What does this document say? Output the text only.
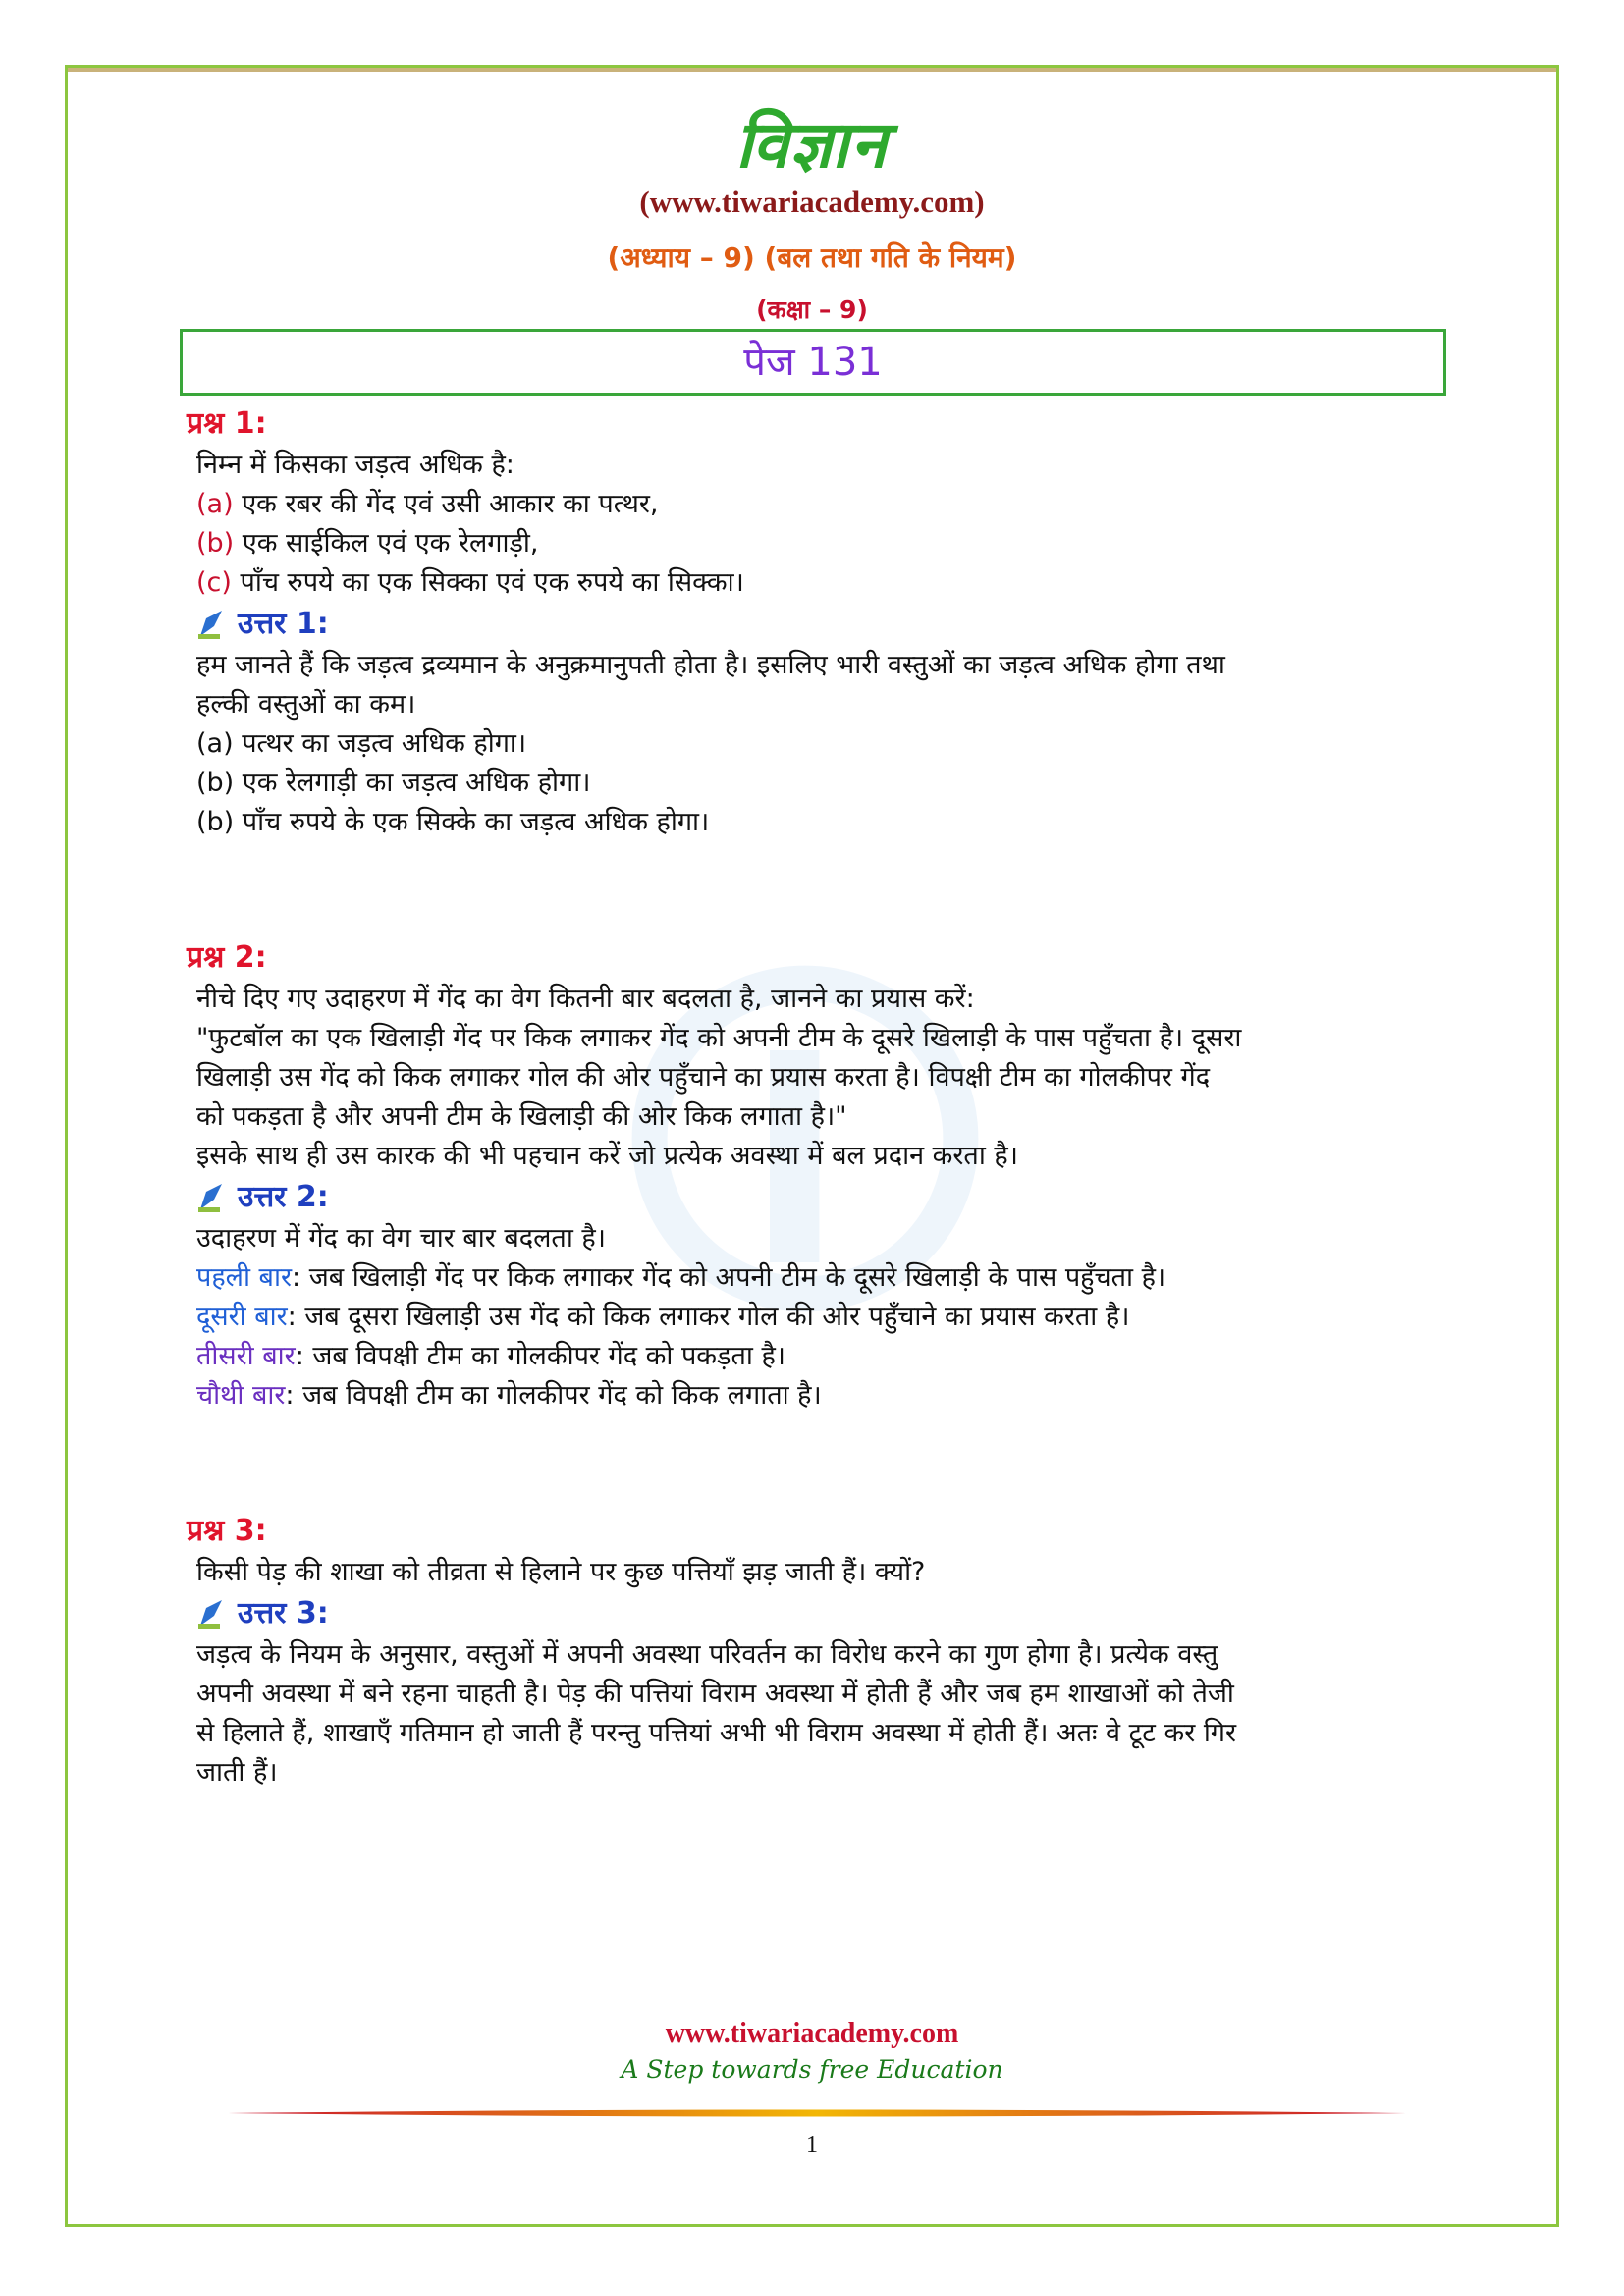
विज्ञान
(www.tiwariacademy.com)
(अध्याय – 9) (बल तथा गति के नियम)
(कक्षा – 9)
पेज 131
प्रश्न 1:
निम्न में किसका जड़त्व अधिक है:
(a) एक रबर की गेंद एवं उसी आकार का पत्थर,
(b) एक साईकिल एवं एक रेलगाड़ी,
(c) पाँच रुपये का एक सिक्का एवं एक रुपये का सिक्का।
उत्तर 1:
हम जानते हैं कि जड़त्व द्रव्यमान के अनुक्रमानुपती होता है। इसलिए भारी वस्तुओं का जड़त्व अधिक होगा तथा
हल्की वस्तुओं का कम।
(a) पत्थर का जड़त्व अधिक होगा।
(b) एक रेलगाड़ी का जड़त्व अधिक होगा।
(b) पाँच रुपये के एक सिक्के का जड़त्व अधिक होगा।
प्रश्न 2:
नीचे दिए गए उदाहरण में गेंद का वेग कितनी बार बदलता है, जानने का प्रयास करें:
"फुटबॉल का एक खिलाड़ी गेंद पर किक लगाकर गेंद को अपनी टीम के दूसरे खिलाड़ी के पास पहुँचता है। दूसरा
खिलाड़ी उस गेंद को किक लगाकर गोल की ओर पहुँचाने का प्रयास करता है। विपक्षी टीम का गोलकीपर गेंद
को पकड़ता है और अपनी टीम के खिलाड़ी की ओर किक लगाता है।"
इसके साथ ही उस कारक की भी पहचान करें जो प्रत्येक अवस्था में बल प्रदान करता है।
उत्तर 2:
उदाहरण में गेंद का वेग चार बार बदलता है।
पहली बार: जब खिलाड़ी गेंद पर किक लगाकर गेंद को अपनी टीम के दूसरे खिलाड़ी के पास पहुँचता है।
दूसरी बार: जब दूसरा खिलाड़ी उस गेंद को किक लगाकर गोल की ओर पहुँचाने का प्रयास करता है।
तीसरी बार: जब विपक्षी टीम का गोलकीपर गेंद को पकड़ता है।
चौथी बार: जब विपक्षी टीम का गोलकीपर गेंद को किक लगाता है।
प्रश्न 3:
किसी पेड़ की शाखा को तीव्रता से हिलाने पर कुछ पत्तियाँ झड़ जाती हैं। क्यों?
उत्तर 3:
जड़त्व के नियम के अनुसार, वस्तुओं में अपनी अवस्था परिवर्तन का विरोध करने का गुण होगा है। प्रत्येक वस्तु
अपनी अवस्था में बने रहना चाहती है। पेड़ की पत्तियां विराम अवस्था में होती हैं और जब हम शाखाओं को तेजी
से हिलाते हैं, शाखाएँ गतिमान हो जाती हैं परन्तु पत्तियां अभी भी विराम अवस्था में होती हैं। अतः वे टूट कर गिर
जाती हैं।
www.tiwariacademy.com
A Step towards free Education
1
